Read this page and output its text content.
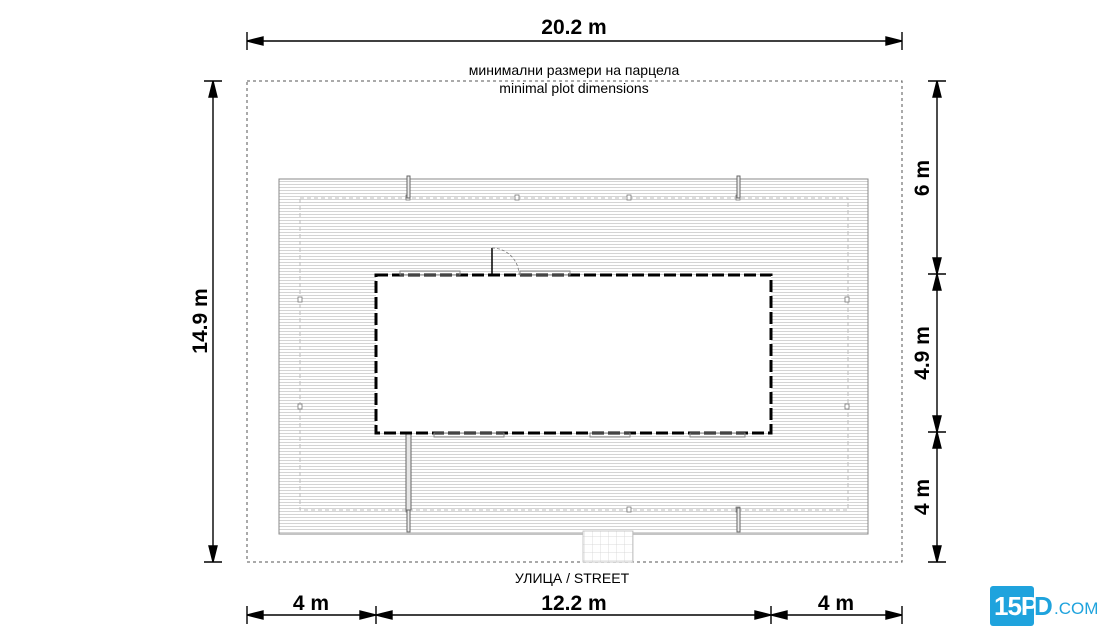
20.2 m
минимални размери на парцела
minimal plot dimensions
14.9 m
6 m
4.9 m
4 m
УЛИЦА / STREET
4 m	12.2 m	4 m	15P
D .COM
